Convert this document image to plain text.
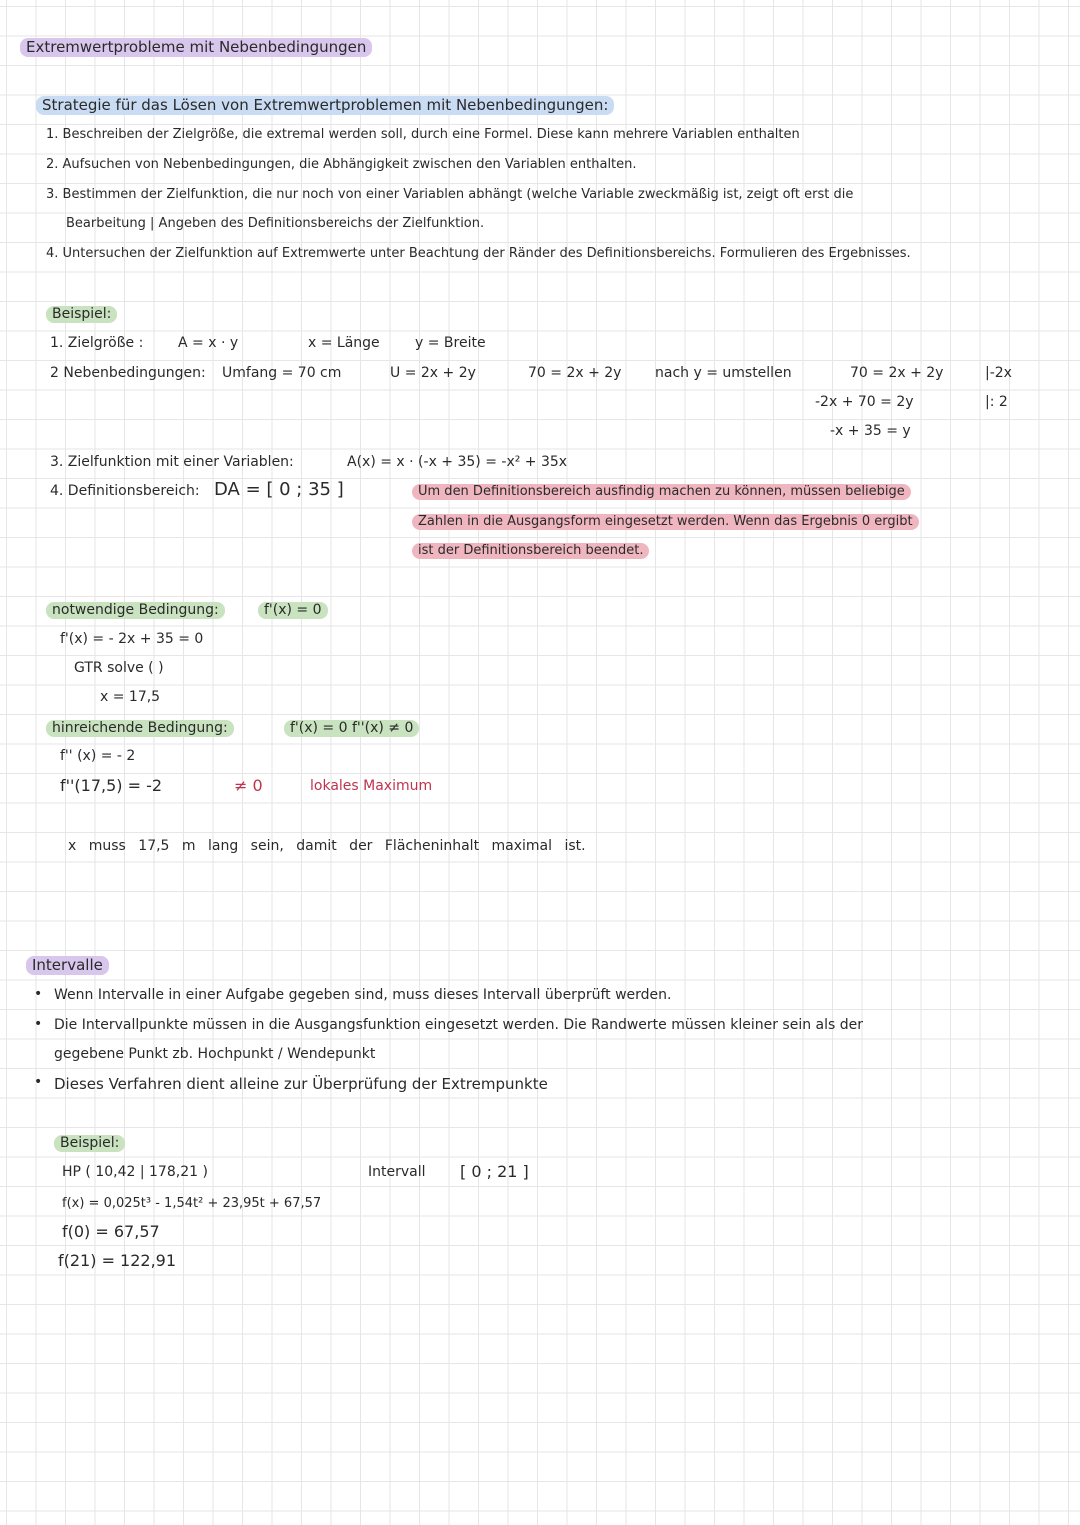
Extremwertprobleme mit Nebenbedingungen
Strategie für das Lösen von Extremwertproblemen mit Nebenbedingungen:
1. Beschreiben der Zielgröße, die extremal werden soll, durch eine Formel. Diese kann mehrere Variablen enthalten
2. Aufsuchen von Nebenbedingungen, die Abhängigkeit zwischen den Variablen enthalten.
3. Bestimmen der Zielfunktion, die nur noch von einer Variablen abhängt (welche Variable zweckmäßig ist, zeigt oft erst die
Bearbeitung | Angeben des Definitionsbereichs der Zielfunktion.
4. Untersuchen der Zielfunktion auf Extremwerte unter Beachtung der Ränder des Definitionsbereichs. Formulieren des Ergebnisses.
Beispiel:
1. Zielgröße : A = x · y	x = Länge	y = Breite
2 Nebenbedingungen: Umfang = 70 cm	U = 2x + 2y	70 = 2x + 2y nach y = umstellen	70 = 2x + 2y	|-2x
-2x + 70 = 2y	|: 2
-x + 35 = y
3. Zielfunktion mit einer Variablen:	A(x) = x · (-x + 35) = -x² + 35x
4. Definitionsbereich: DA = [ 0 ; 35 ]	Um den Definitionsbereich ausfindig machen zu können, müssen beliebige
Zahlen in die Ausgangsform eingesetzt werden. Wenn das Ergebnis 0 ergibt
ist der Definitionsbereich beendet.
notwendige Bedingung:	f'(x) = 0
f'(x) = - 2x + 35 = 0
GTR solve ( )
x = 17,5
hinreichende Bedingung:	f'(x) = 0 f''(x) ≠ 0
f'' (x) = - 2
f''(17,5) = -2	≠ 0	lokales Maximum
x muss 17,5 m lang sein, damit der Flächeninhalt maximal ist.
Intervalle
• Wenn Intervalle in einer Aufgabe gegeben sind, muss dieses Intervall überprüft werden.
• Die Intervallpunkte müssen in die Ausgangsfunktion eingesetzt werden. Die Randwerte müssen kleiner sein als der
gegebene Punkt zb. Hochpunkt / Wendepunkt
• Dieses Verfahren dient alleine zur Überprüfung der Extrempunkte
Beispiel:
HP ( 10,42 | 178,21 )	Intervall [ 0 ; 21 ]
f(x) = 0,025t³ - 1,54t² + 23,95t + 67,57
f(0) = 67,57
f(21) = 122,91
